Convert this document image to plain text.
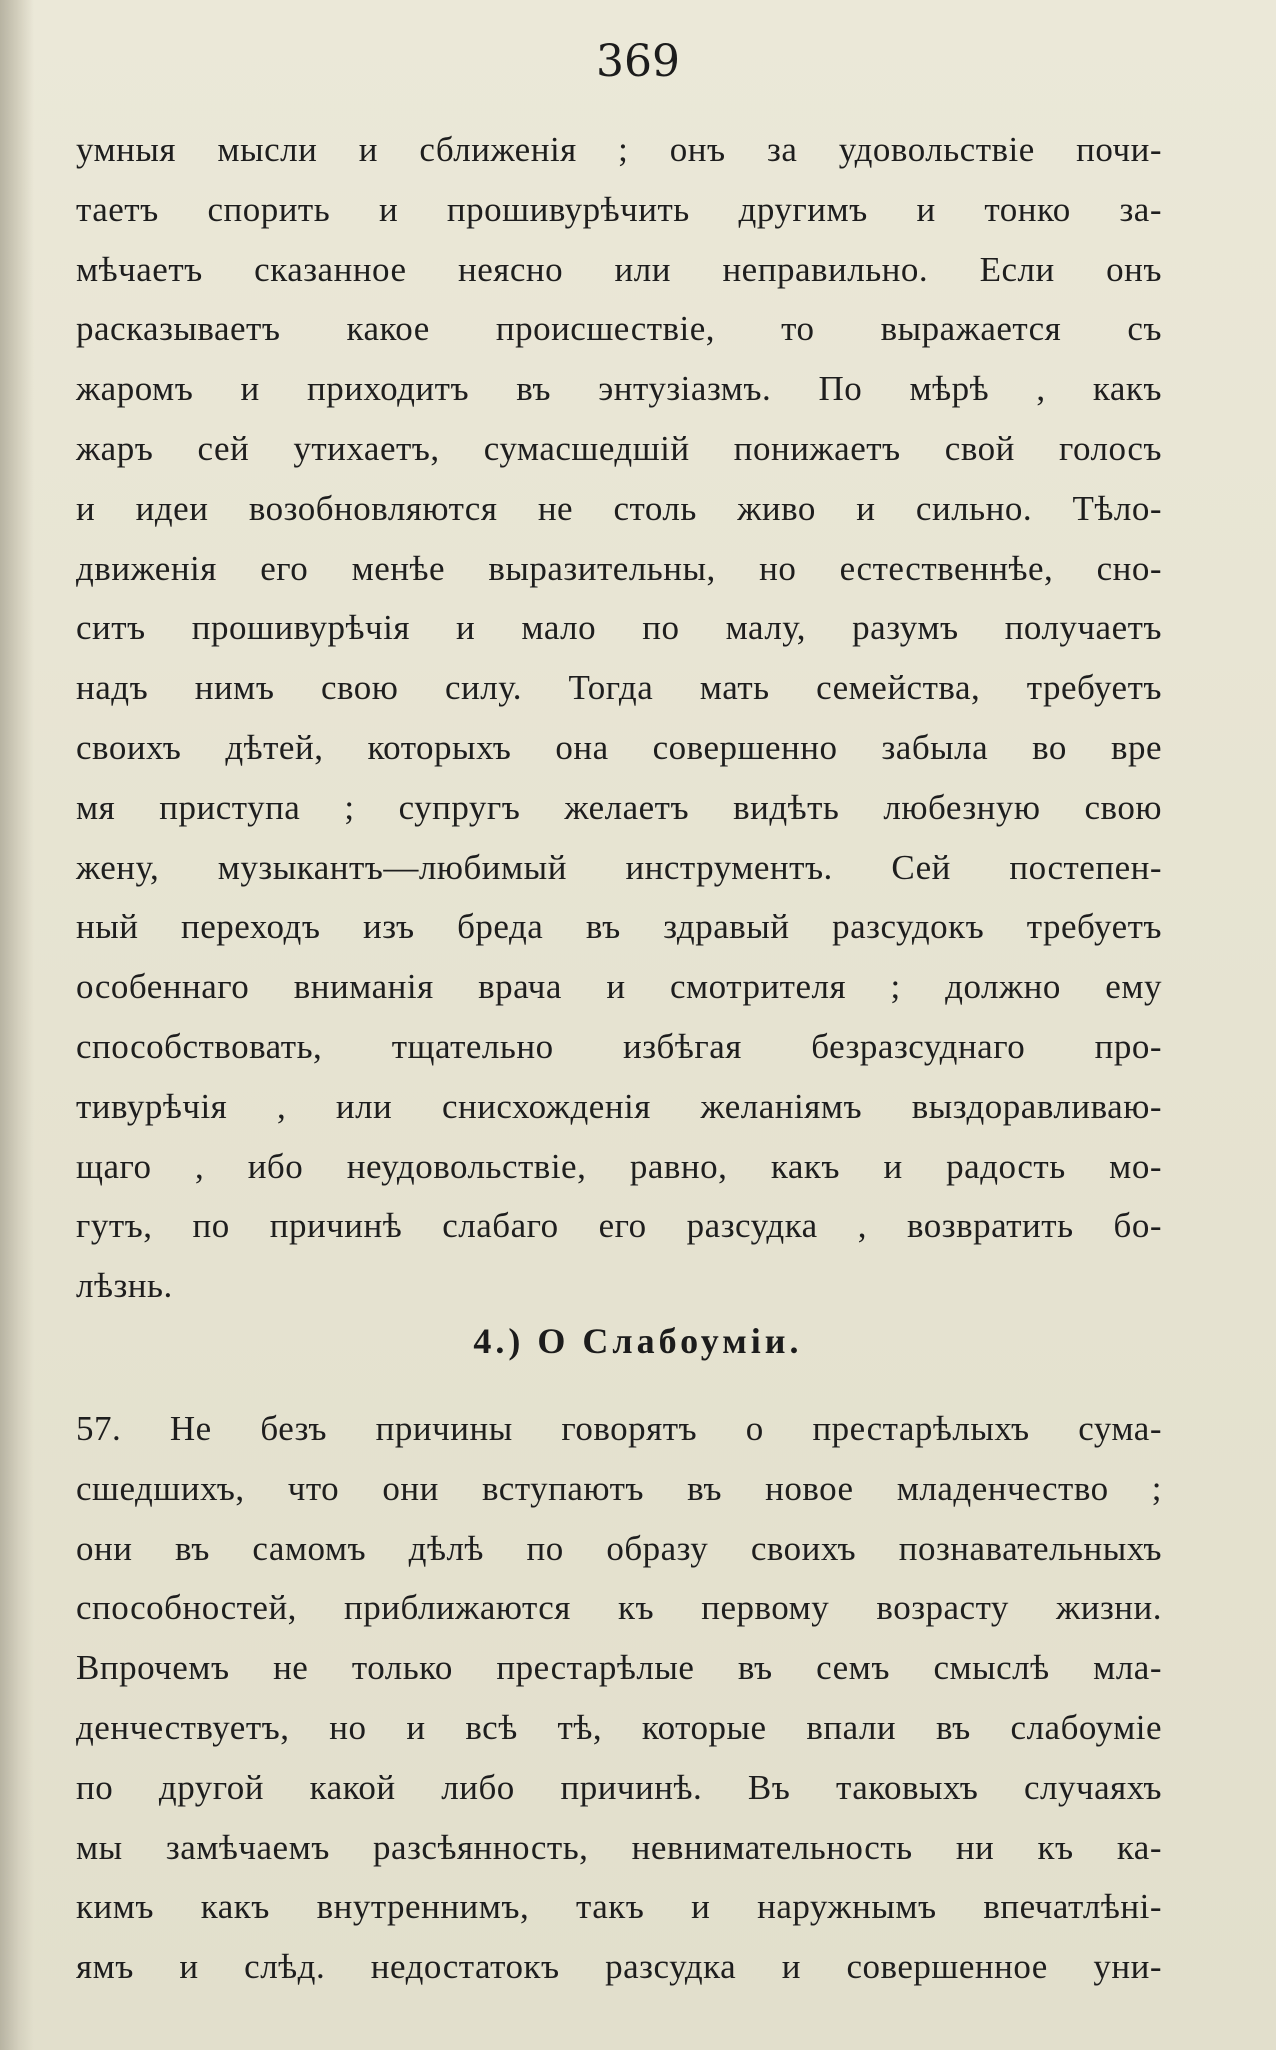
369
умныя мысли и сближенія ; онъ за удовольствіе почи-
таетъ спорить и прошивурѣчить другимъ и тонко за-
мѣчаетъ сказанное неясно или неправильно. Если онъ
расказываетъ какое происшествіе, то выражается съ
жаромъ и приходитъ въ энтузіазмъ. По мѣрѣ , какъ
жаръ сей утихаетъ, сумасшедшій понижаетъ свой голосъ
и идеи возобновляются не столь живо и сильно. Тѣло-
движенія его менѣе выразительны, но естественнѣе, сно-
ситъ прошивурѣчія и мало по малу, разумъ получаетъ
надъ нимъ свою силу. Тогда мать семейства, требуетъ
своихъ дѣтей, которыхъ она совершенно забыла во вре
мя приступа ; супругъ желаетъ видѣть любезную свою
жену, музыкантъ—любимый инструментъ. Сей постепен-
ный переходъ изъ бреда въ здравый разсудокъ требуетъ
особеннаго вниманія врача и смотрителя ; должно ему
способствовать, тщательно избѣгая безразсуднаго про-
тивурѣчія , или снисхожденія желаніямъ выздоравливаю-
щаго , ибо неудовольствіе, равно, какъ и радость мо-
гутъ, по причинѣ слабаго его разсудка , возвратить бо-
лѣзнь.
4.) О Слабоуміи.
57. Не безъ причины говорятъ о престарѣлыхъ сума-
сшедшихъ, что они вступаютъ въ новое младенчество ;
они въ самомъ дѣлѣ по образу своихъ познавательныхъ
способностей, приближаются къ первому возрасту жизни.
Впрочемъ не только престарѣлые въ семъ смыслѣ мла-
денчествуетъ, но и всѣ тѣ, которые впали въ слабоуміе
по другой какой либо причинѣ. Въ таковыхъ случаяхъ
мы замѣчаемъ разсѣянность, невнимательность ни къ ка-
кимъ какъ внутреннимъ, такъ и наружнымъ впечатлѣні-
ямъ и слѣд. недостатокъ разсудка и совершенное уни-
